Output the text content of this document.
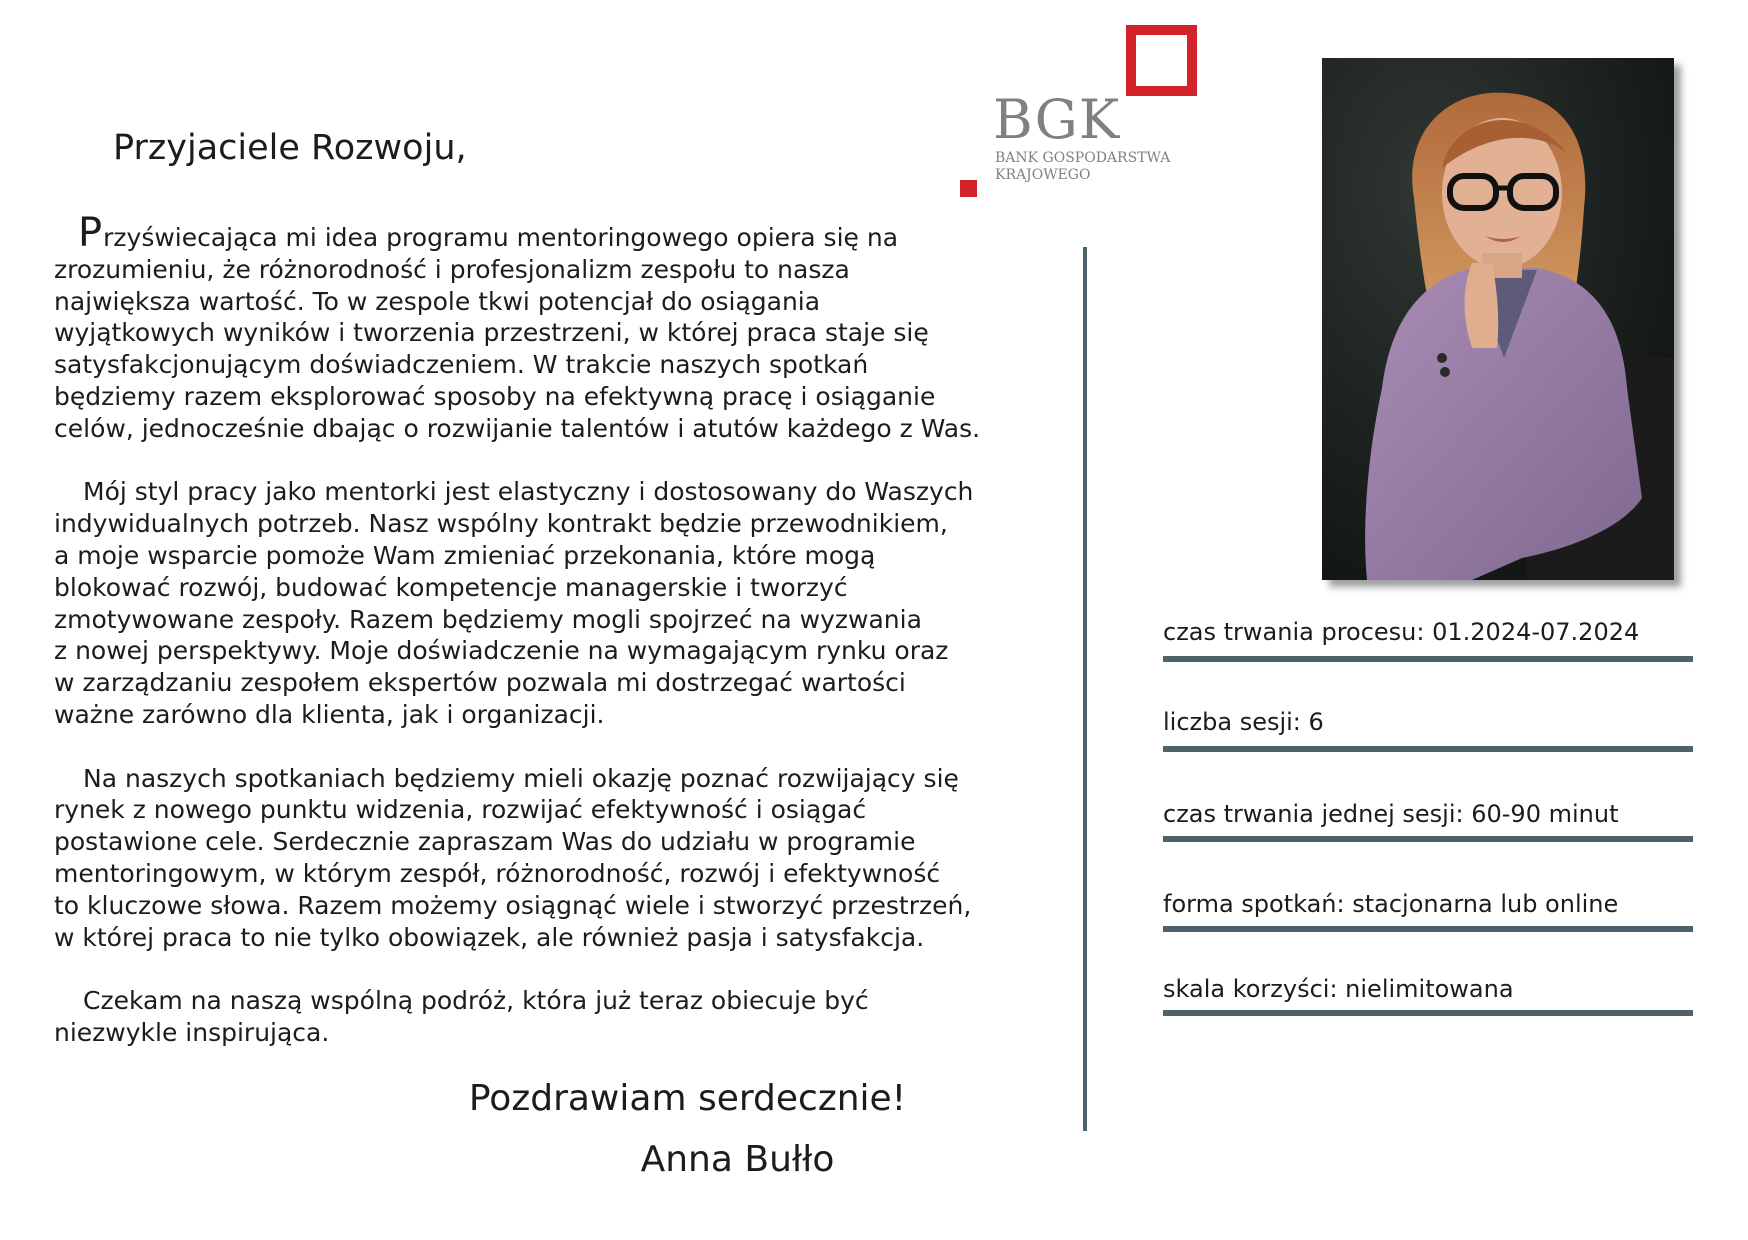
BGK

BANK GOSPODARSTWA
KRAJOWEGO

Przyjaciele Rozwoju,

Przyświecająca mi idea programu mentoringowego opiera się na
zrozumieniu, że różnorodność i profesjonalizm zespołu to nasza
największa wartość. To w zespole tkwi potencjał do osiągania
wyjątkowych wyników i tworzenia przestrzeni, w której praca staje się
satysfakcjonującym doświadczeniem. W trakcie naszych spotkań
będziemy razem eksplorować sposoby na efektywną pracę i osiąganie
celów, jednocześnie dbając o rozwijanie talentów i atutów każdego z Was.

Mój styl pracy jako mentorki jest elastyczny i dostosowany do Waszych
indywidualnych potrzeb. Nasz wspólny kontrakt będzie przewodnikiem,
a moje wsparcie pomoże Wam zmieniać przekonania, które mogą
blokować rozwój, budować kompetencje managerskie i tworzyć
zmotywowane zespoły. Razem będziemy mogli spojrzeć na wyzwania
z nowej perspektywy. Moje doświadczenie na wymagającym rynku oraz
w zarządzaniu zespołem ekspertów pozwala mi dostrzegać wartości
ważne zarówno dla klienta, jak i organizacji.

Na naszych spotkaniach będziemy mieli okazję poznać rozwijający się
rynek z nowego punktu widzenia, rozwijać efektywność i osiągać
postawione cele. Serdecznie zapraszam Was do udziału w programie
mentoringowym, w którym zespół, różnorodność, rozwój i efektywność
to kluczowe słowa. Razem możemy osiągnąć wiele i stworzyć przestrzeń,
w której praca to nie tylko obowiązek, ale również pasja i satysfakcja.

Czekam na naszą wspólną podróż, która już teraz obiecuje być
niezwykle inspirująca.

Pozdrawiam serdecznie!

Anna Bułło

czas trwania procesu: 01.2024-07.2024
liczba sesji: 6
czas trwania jednej sesji: 60-90 minut
forma spotkań: stacjonarna lub online
skala korzyści: nielimitowana
